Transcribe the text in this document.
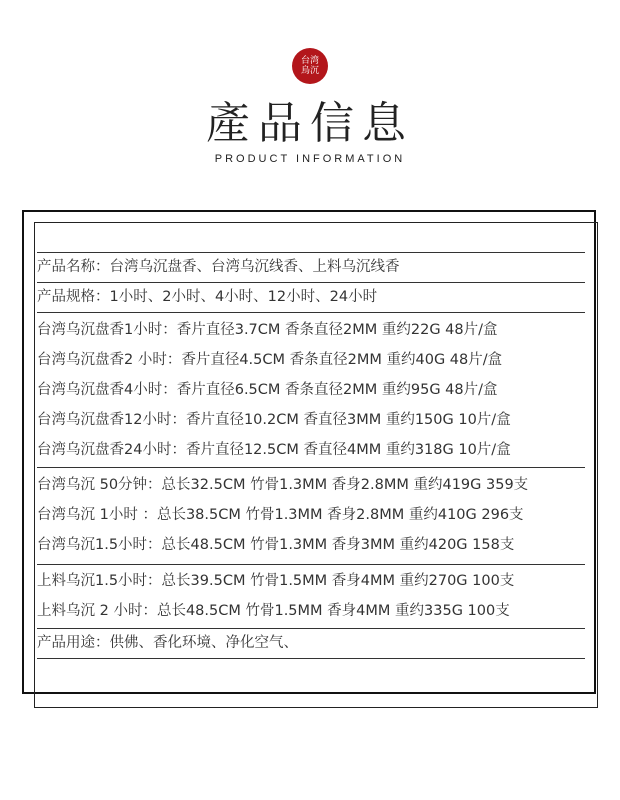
台湾
烏沉
產品信息
PRODUCT INFORMATION
产品名称：台湾乌沉盘香、台湾乌沉线香、上料乌沉线香
产品规格：1小时、2小时、4小时、12小时、24小时
台湾乌沉盘香1小时：香片直径3.7CM 香条直径2MM 重约22G 48片/盒
台湾乌沉盘香2 小时：香片直径4.5CM 香条直径2MM 重约40G 48片/盒
台湾乌沉盘香4小时：香片直径6.5CM 香条直径2MM 重约95G 48片/盒
台湾乌沉盘香12小时：香片直径10.2CM 香直径3MM 重约150G 10片/盒
台湾乌沉盘香24小时：香片直径12.5CM 香直径4MM 重约318G 10片/盒
台湾乌沉 50分钟：总长32.5CM 竹骨1.3MM 香身2.8MM 重约419G 359支
台湾乌沉 1小时 ：总长38.5CM 竹骨1.3MM 香身2.8MM 重约410G 296支
台湾乌沉1.5小时：总长48.5CM 竹骨1.3MM 香身3MM 重约420G 158支
上料乌沉1.5小时：总长39.5CM 竹骨1.5MM 香身4MM 重约270G 100支
上料乌沉 2 小时：总长48.5CM 竹骨1.5MM 香身4MM 重约335G 100支
产品用途：供佛、香化环境、净化空气、
